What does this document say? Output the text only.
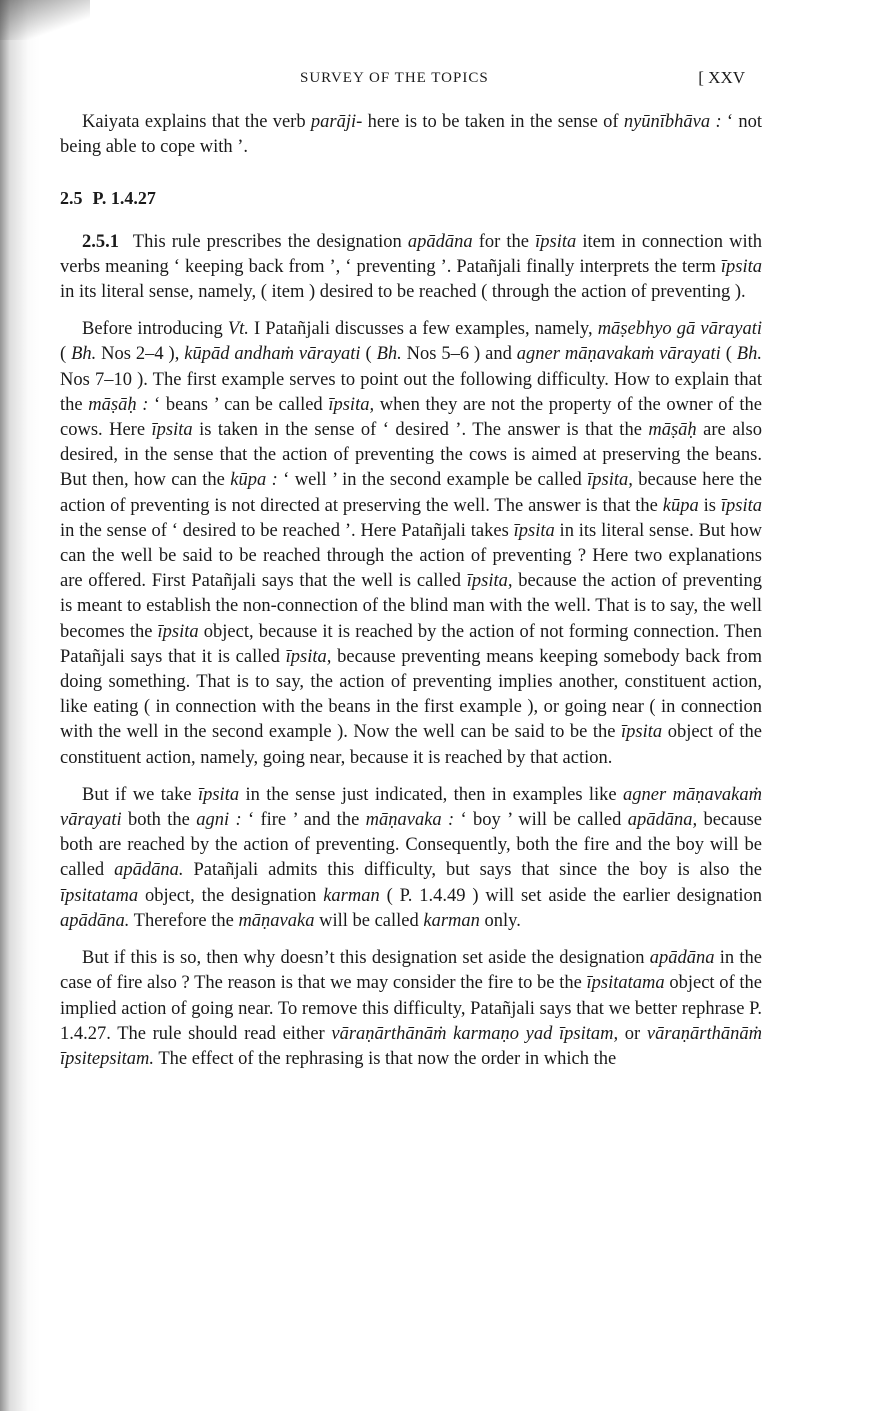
SURVEY OF THE TOPICS	[ XXV

Kaiyata explains that the verb parāji- here is to be taken in the sense of nyūnībhāva : ‘ not being able to cope with ’.

2.5 P. 1.4.27

2.5.1 This rule prescribes the designation apādāna for the īpsita item in connection with verbs meaning ‘ keeping back from ’, ‘ preventing ’. Patañjali finally interprets the term īpsita in its literal sense, namely, ( item ) desired to be reached ( through the action of preventing ).

Before introducing Vt. I Patañjali discusses a few examples, namely, māṣebhyo gā vārayati ( Bh. Nos 2–4 ), kūpād andhaṁ vārayati ( Bh. Nos 5–6 ) and agner māṇavakaṁ vārayati ( Bh. Nos 7–10 ). The first example serves to point out the following difficulty. How to explain that the māṣāḥ : ‘ beans ’ can be called īpsita, when they are not the property of the owner of the cows. Here īpsita is taken in the sense of ‘ desired ’. The answer is that the māṣāḥ are also desired, in the sense that the action of preventing the cows is aimed at preserving the beans. But then, how can the kūpa : ‘ well ’ in the second example be called īpsita, because here the action of preventing is not directed at preserving the well. The answer is that the kūpa is īpsita in the sense of ‘ desired to be reached ’. Here Patañjali takes īpsita in its literal sense. But how can the well be said to be reached through the action of preventing ? Here two explanations are offered. First Patañjali says that the well is called īpsita, because the action of preventing is meant to establish the non-connection of the blind man with the well. That is to say, the well becomes the īpsita object, because it is reached by the action of not forming connection. Then Patañjali says that it is called īpsita, because preventing means keeping somebody back from doing something. That is to say, the action of preventing implies another, constituent action, like eating ( in connection with the beans in the first example ), or going near ( in connection with the well in the second example ). Now the well can be said to be the īpsita object of the constituent action, namely, going near, because it is reached by that action.

But if we take īpsita in the sense just indicated, then in examples like agner māṇavakaṁ vārayati both the agni : ‘ fire ’ and the māṇavaka : ‘ boy ’ will be called apādāna, because both are reached by the action of preventing. Consequently, both the fire and the boy will be called apādāna. Patañjali admits this difficulty, but says that since the boy is also the īpsitatama object, the designation karman ( P. 1.4.49 ) will set aside the earlier designation apādāna. Therefore the māṇavaka will be called karman only.

But if this is so, then why doesn’t this designation set aside the designation apādāna in the case of fire also ? The reason is that we may consider the fire to be the īpsitatama object of the implied action of going near. To remove this difficulty, Patañjali says that we better rephrase P. 1.4.27. The rule should read either vāraṇārthānāṁ karmaṇo yad īpsitam, or vāraṇārthānāṁ īpsitepsitam. The effect of the rephrasing is that now the order in which the
